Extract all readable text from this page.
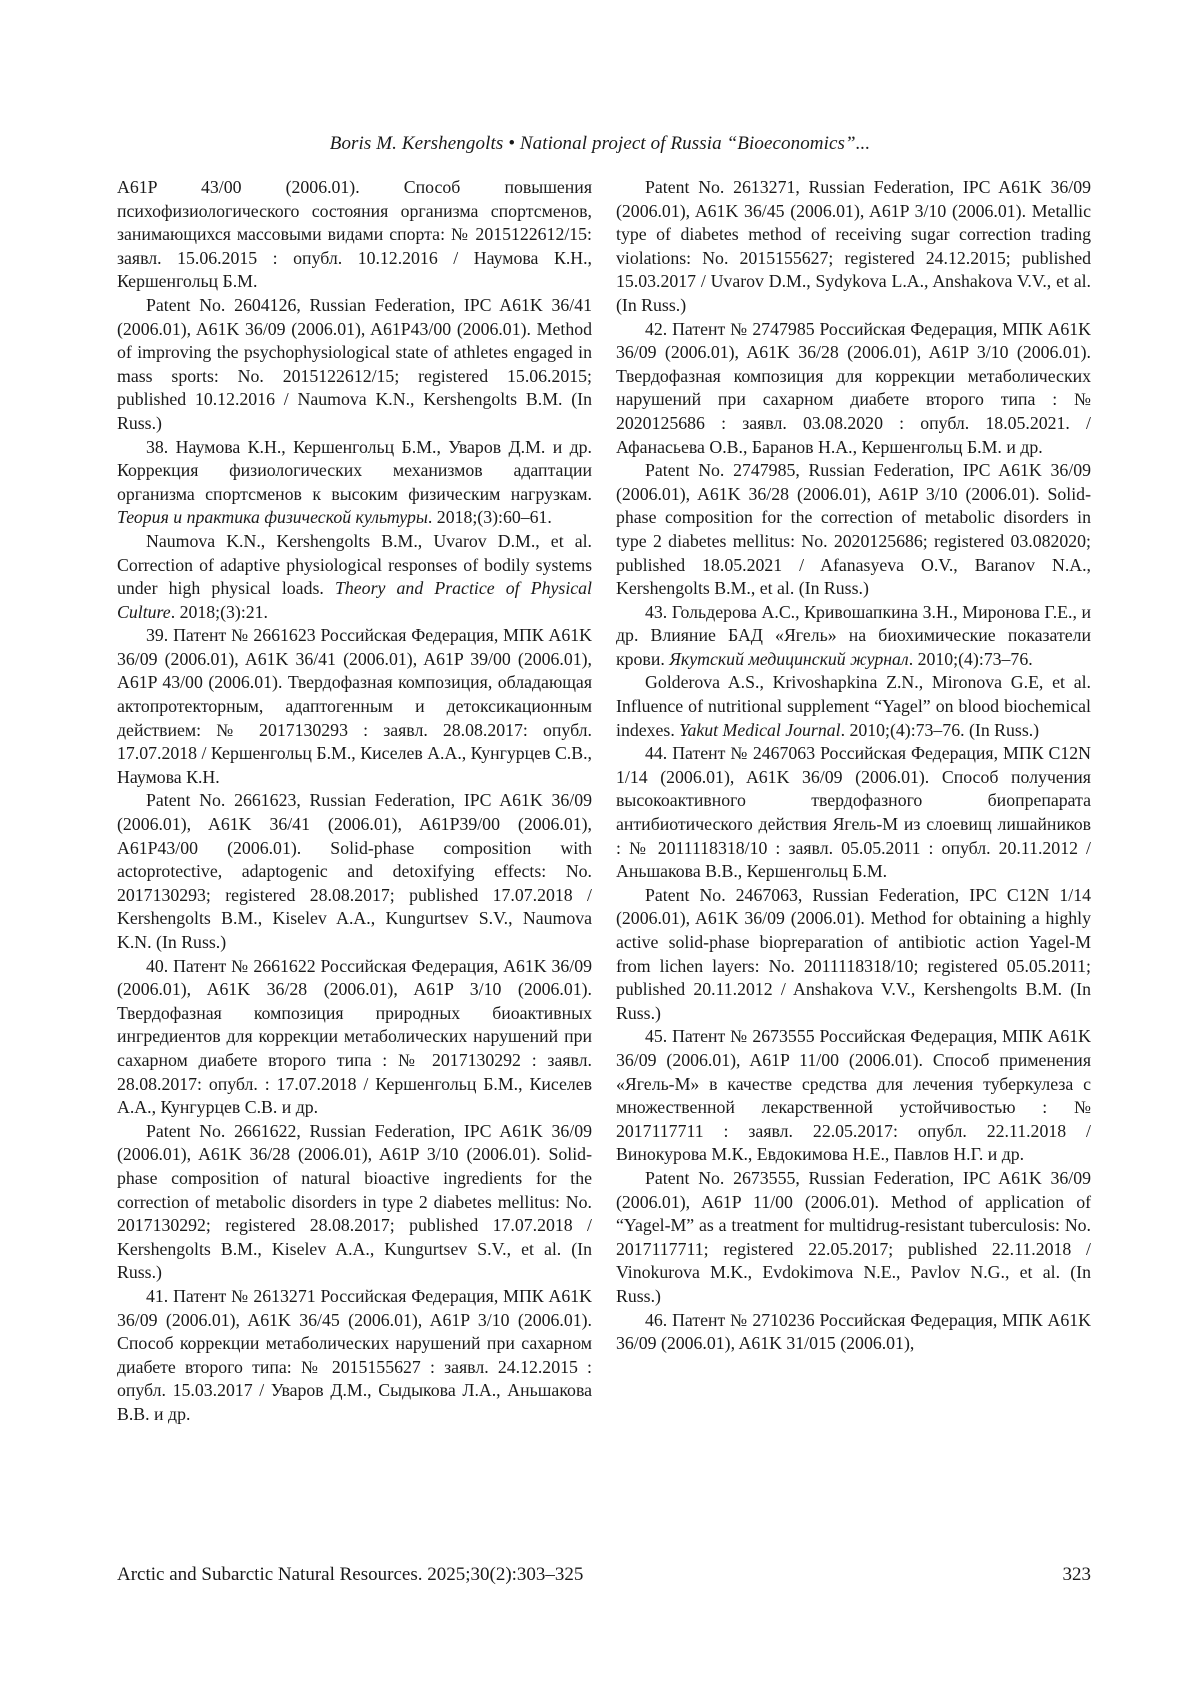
Boris M. Kershengolts • National project of Russia “Bioeconomics”...

A61P 43/00 (2006.01). Способ повышения психофизиологического состояния организма спортсменов, занимающихся массовыми видами спорта: № 2015122612/15: заявл. 15.06.2015 : опубл. 10.12.2016 / Наумова К.Н., Кершенгольц Б.М.

Patent No. 2604126, Russian Federation, IPC A61K 36/41 (2006.01), A61K 36/09 (2006.01), A61P43/00 (2006.01). Method of improving the psychophysiological state of athletes engaged in mass sports: No. 2015122612/15; registered 15.06.2015; published 10.12.2016 / Naumova K.N., Kershengolts B.M. (In Russ.)

38. Наумова К.Н., Кершенгольц Б.М., Уваров Д.М. и др. Коррекция физиологических механизмов адаптации организма спортсменов к высоким физическим нагрузкам. Теория и практика физической культуры. 2018;(3):60–61.

Naumova K.N., Kershengolts B.M., Uvarov D.M., et al. Correction of adaptive physiological responses of bodily systems under high physical loads. Theory and Practice of Physical Culture. 2018;(3):21.

39. Патент № 2661623 Российская Федерация, МПК A61K 36/09 (2006.01), A61K 36/41 (2006.01), A61P 39/00 (2006.01), A61P 43/00 (2006.01). Твердофазная композиция, обладающая актопротекторным, адаптогенным и детоксикационным действием: № 2017130293 : заявл. 28.08.2017: опубл. 17.07.2018 / Кершенгольц Б.М., Киселев А.А., Кунгурцев С.В., Наумова К.Н.

Patent No. 2661623, Russian Federation, IPC A61K 36/09 (2006.01), A61K 36/41 (2006.01), A61P39/00 (2006.01), A61P43/00 (2006.01). Solid-phase composition with actoprotective, adaptogenic and detoxifying effects: No. 2017130293; registered 28.08.2017; published 17.07.2018 / Kershengolts B.M., Kiselev A.A., Kungurtsev S.V., Naumova K.N. (In Russ.)

40. Патент № 2661622 Российская Федерация, A61K 36/09 (2006.01), A61K 36/28 (2006.01), A61P 3/10 (2006.01). Твердофазная композиция природных биоактивных ингредиентов для коррекции метаболических нарушений при сахарном диабете второго типа : № 2017130292 : заявл. 28.08.2017: опубл. : 17.07.2018 / Кершенгольц Б.М., Киселев А.А., Кунгурцев С.В. и др.

Patent No. 2661622, Russian Federation, IPC A61K 36/09 (2006.01), A61K 36/28 (2006.01), A61P 3/10 (2006.01). Solid-phase composition of natural bioactive ingredients for the correction of metabolic disorders in type 2 diabetes mellitus: No. 2017130292; registered 28.08.2017; published 17.07.2018 / Kershengolts B.M., Kiselev A.A., Kungurtsev S.V., et al. (In Russ.)

41. Патент № 2613271 Российская Федерация, МПК A61K 36/09 (2006.01), A61K 36/45 (2006.01), A61P 3/10 (2006.01). Способ коррекции метаболических нарушений при сахарном диабете второго типа: № 2015155627 : заявл. 24.12.2015 : опубл. 15.03.2017 / Уваров Д.М., Сыдыкова Л.А., Аньшакова В.В. и др.

Patent No. 2613271, Russian Federation, IPC A61K 36/09 (2006.01), A61K 36/45 (2006.01), A61P 3/10 (2006.01). Metallic type of diabetes method of receiving sugar correction trading violations: No. 2015155627; registered 24.12.2015; published 15.03.2017 / Uvarov D.M., Sydykova L.A., Anshakova V.V., et al. (In Russ.)

42. Патент № 2747985 Российская Федерация, МПК A61K 36/09 (2006.01), A61K 36/28 (2006.01), A61P 3/10 (2006.01). Твердофазная композиция для коррекции метаболических нарушений при сахарном диабете второго типа : № 2020125686 : заявл. 03.08.2020 : опубл. 18.05.2021. / Афанасьева О.В., Баранов Н.А., Кершенгольц Б.М. и др.

Patent No. 2747985, Russian Federation, IPC A61K 36/09 (2006.01), A61K 36/28 (2006.01), A61P 3/10 (2006.01). Solid-phase composition for the correction of metabolic disorders in type 2 diabetes mellitus: No. 2020125686; registered 03.082020; published 18.05.2021 / Afanasyeva O.V., Baranov N.A., Kershengolts B.M., et al. (In Russ.)

43. Гольдерова А.С., Кривошапкина З.Н., Миронова Г.Е., и др. Влияние БАД «Ягель» на биохимические показатели крови. Якутский медицинский журнал. 2010;(4):73–76.

Golderova A.S., Krivoshapkina Z.N., Mironova G.E, et al. Influence of nutritional supplement “Yagel” on blood biochemical indexes. Yakut Medical Journal. 2010;(4):73–76. (In Russ.)

44. Патент № 2467063 Российская Федерация, МПК C12N 1/14 (2006.01), A61K 36/09 (2006.01). Способ получения высокоактивного твердофазного биопрепарата антибиотического действия Ягель-М из слоевищ лишайников : № 2011118318/10 : заявл. 05.05.2011 : опубл. 20.11.2012 / Аньшакова В.В., Кершенгольц Б.М.

Patent No. 2467063, Russian Federation, IPC C12N 1/14 (2006.01), A61K 36/09 (2006.01). Method for obtaining a highly active solid-phase biopreparation of antibiotic action Yagel-M from lichen layers: No. 2011118318/10; registered 05.05.2011; published 20.11.2012 / Anshakova V.V., Kershengolts B.M. (In Russ.)

45. Патент № 2673555 Российская Федерация, МПК A61K 36/09 (2006.01), A61P 11/00 (2006.01). Способ применения «Ягель-М» в качестве средства для лечения туберкулеза с множественной лекарственной устойчивостью : № 2017117711 : заявл. 22.05.2017: опубл. 22.11.2018 / Винокурова М.К., Евдокимова Н.Е., Павлов Н.Г. и др.

Patent No. 2673555, Russian Federation, IPC A61K 36/09 (2006.01), A61P 11/00 (2006.01). Method of application of “Yagel-M” as a treatment for multidrug-resistant tuberculosis: No. 2017117711; registered 22.05.2017; published 22.11.2018 / Vinokurova M.K., Evdokimova N.E., Pavlov N.G., et al. (In Russ.)

46. Патент № 2710236 Российская Федерация, МПК A61K 36/09 (2006.01), A61K 31/015 (2006.01),

Arctic and Subarctic Natural Resources. 2025;30(2):303–325	323
